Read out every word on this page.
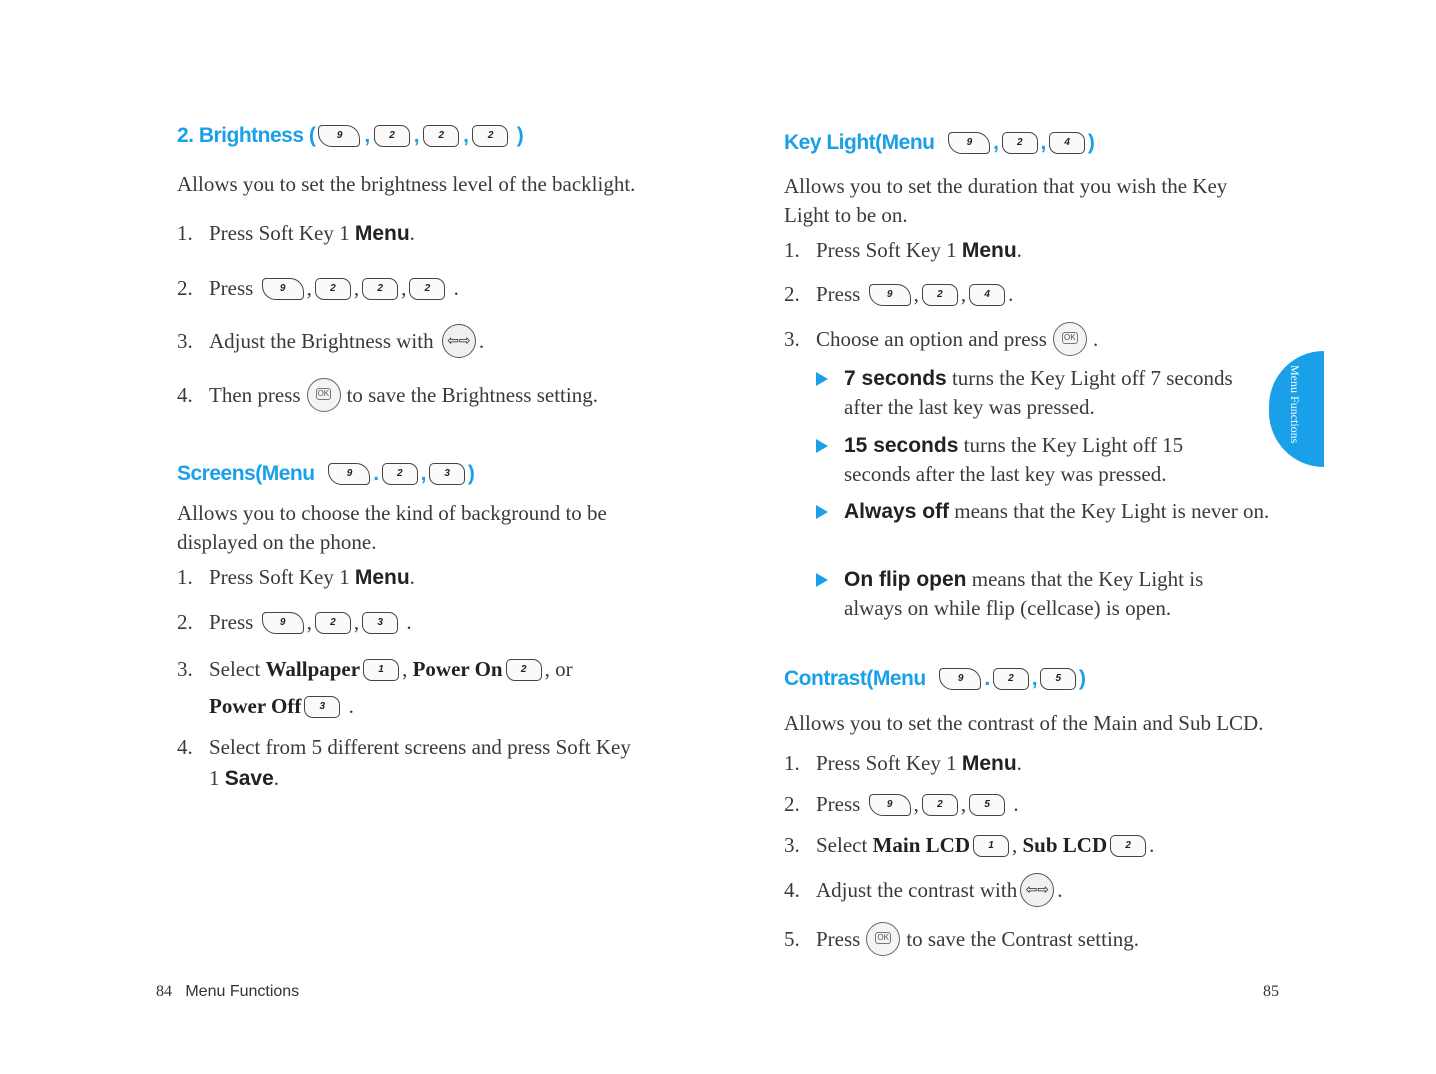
2. Brightness (	9	,	2 ,	2 ,	2 )
Allows you to set the brightness level of the backlight.
1. Press Soft Key 1
Menu .
2. Press
	9	,	2 ,	2 ,	2 .
3. Adjust the Brightness with
⇦⇨ .
4. Then press OK to save the Brightness setting.
Screens(Menu
	9	.	2 ,	3 )
Allows you to choose the kind of background to be displayed on the phone.
1. Press Soft Key 1
Menu .
2. Press
	9	,	2 ,	3 .
3. Select
Wallpaper	1 , Power On	2 , or
Power Off	3 .
4. Select from 5 different screens and press Soft Key
1
Save .
84 Menu Functions
Key Light(Menu
	9	,	2 ,	4 )
Allows you to set the duration that you wish the Key Light to be on.
1. Press Soft Key 1
Menu .
2. Press
	9	,	2 ,	4 .
3. Choose an option and press OK .
7 seconds turns the Key Light off 7 seconds after the last key was pressed.
15 seconds turns the Key Light off 15 seconds after the last key was pressed.
Always off means that the Key Light is never on.
On flip open means that the Key Light is always on while flip (cellcase) is open.
Contrast(Menu
	9	.	2 ,	5 )
Allows you to set the contrast of the Main and Sub LCD.
1. Press Soft Key 1
Menu .
2. Press
	9	,	2 ,	5 .
3. Select
Main LCD	1 , Sub LCD	2 .
4. Adjust the contrast with ⇦⇨ .
5. Press OK to save the Contrast setting.
85
Menu Functions
